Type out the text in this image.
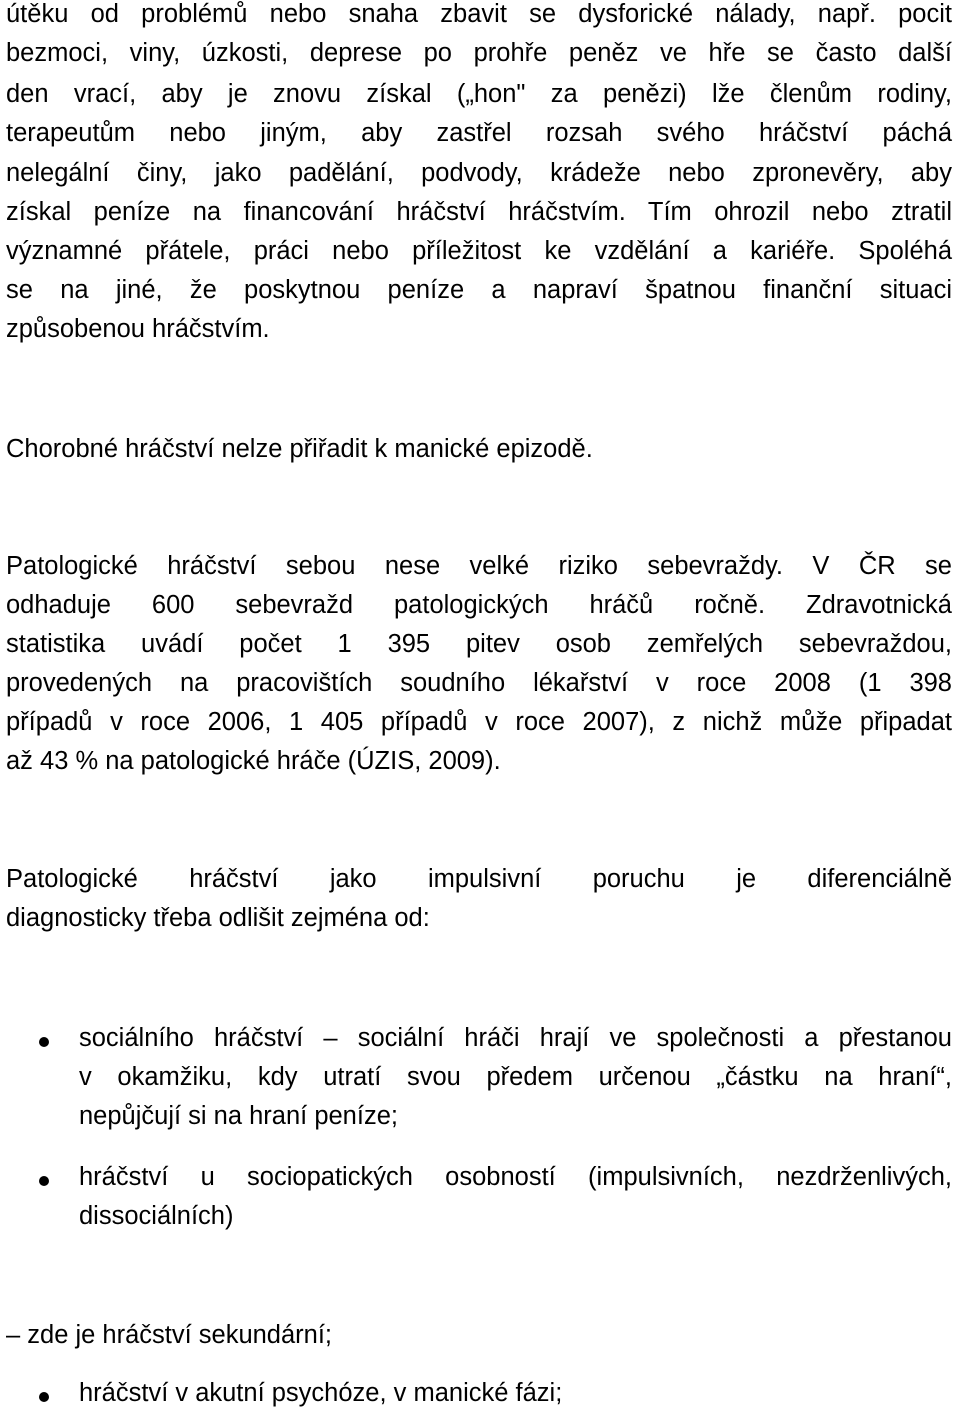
útěku od problémů nebo snaha zbavit se dysforické nálady, např. pocit
bezmoci, viny, úzkosti, deprese po prohře peněz ve hře se často další
den vrací, aby je znovu získal („hon" za penězi) lže členům rodiny,
terapeutům nebo jiným, aby zastřel rozsah svého hráčství páchá
nelegální činy, jako padělání, podvody, krádeže nebo zpronevěry, aby
získal peníze na financování hráčství hráčstvím. Tím ohrozil nebo ztratil
významné přátele, práci nebo příležitost ke vzdělání a kariéře. Spoléhá
se na jiné, že poskytnou peníze a napraví špatnou finanční situaci
způsobenou hráčstvím.
Chorobné hráčství nelze přiřadit k manické epizodě.
Patologické hráčství sebou nese velké riziko sebevraždy. V ČR se
odhaduje 600 sebevražd patologických hráčů ročně. Zdravotnická
statistika uvádí počet 1 395 pitev osob zemřelých sebevraždou,
provedených na pracovištích soudního lékařství v roce 2008 (1 398
případů v roce 2006, 1 405 případů v roce 2007), z nichž může připadat
až 43 % na patologické hráče (ÚZIS, 2009).
Patologické hráčství jako impulsivní poruchu je diferenciálně
diagnosticky třeba odlišit zejména od:
sociálního hráčství – sociální hráči hrají ve společnosti a přestanou
v okamžiku, kdy utratí svou předem určenou „částku na hraní“,
nepůjčují si na hraní peníze;
hráčství u sociopatických osobností (impulsivních, nezdrženlivých,
dissociálních)
– zde je hráčství sekundární;
hráčství v akutní psychóze, v manické fázi;
